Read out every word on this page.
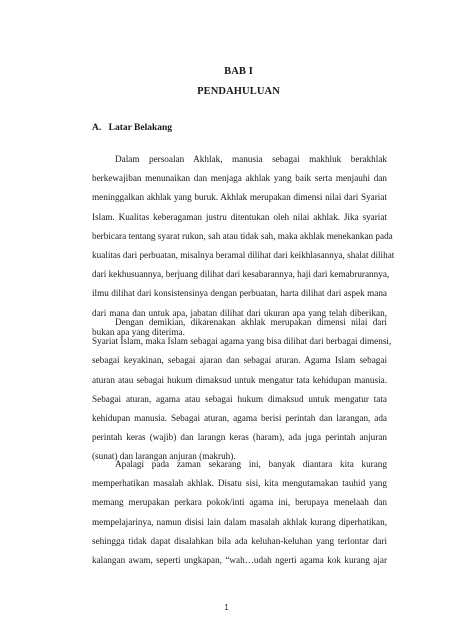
BAB I
PENDAHULUAN
A. Latar Belakang
Dalam persoalan Akhlak, manusia sebagai makhluk berakhlak
berkewajiban menunaikan dan menjaga akhlak yang baik serta menjauhi dan
meninggalkan akhlak yang buruk. Akhlak merupakan dimensi nilai dari Syariat
Islam. Kualitas keberagaman justru ditentukan oleh nilai akhlak. Jika syariat
berbicara tentang syarat rukun, sah atau tidak sah, maka akhlak menekankan pada
kualitas dari perbuatan, misalnya beramal dilihat dari keikhlasannya, shalat dilihat
dari kekhusuannya, berjuang dilihat dari kesabarannya, haji dari kemabrurannya,
ilmu dilihat dari konsistensinya dengan perbuatan, harta dilihat dari aspek mana
dari mana dan untuk apa, jabatan dilihat dari ukuran apa yang telah diberikan,
bukan apa yang diterima.
Dengan demikian, dikarenakan akhlak merupakan dimensi nilai dari
Syariat Islam, maka Islam sebagai agama yang bisa dilihat dari berbagai dimensi,
sebagai keyakinan, sebagai ajaran dan sebagai aturan. Agama Islam sebagai
aturan atau sebagai hukum dimaksud untuk mengatur tata kehidupan manusia.
Sebagai aturan, agama atau sebagai hukum dimaksud untuk mengatur tata
kehidupan manusia. Sebagai aturan, agama berisi perintah dan larangan, ada
perintah keras (wajib) dan larangn keras (haram), ada juga perintah anjuran
(sunat) dan larangan anjuran (makruh).
Apalagi pada zaman sekarang ini, banyak diantara kita kurang
memperhatikan masalah akhlak. Disatu sisi, kita mengutamakan tauhid yang
memang merupakan perkara pokok/inti agama ini, berupaya menelaah dan
mempelajarinya, namun disisi lain dalam masalah akhlak kurang diperhatikan,
sehingga tidak dapat disalahkan bila ada keluhan-keluhan yang terlontar dari
kalangan awam, seperti ungkapan, “wah…udah ngerti agama kok kurang ajar
1
